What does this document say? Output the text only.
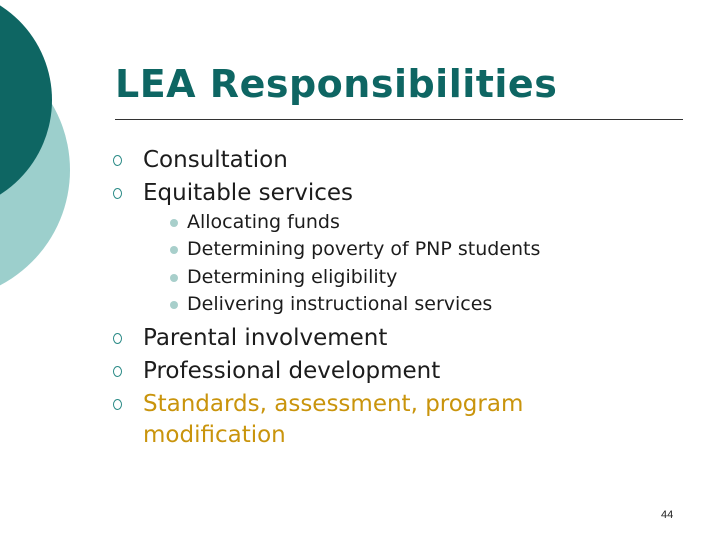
LEA Responsibilities
Consultation
Equitable services
Allocating funds
Determining poverty of PNP students
Determining eligibility
Delivering instructional services
Parental involvement
Professional development
Standards, assessment, program modification
44
